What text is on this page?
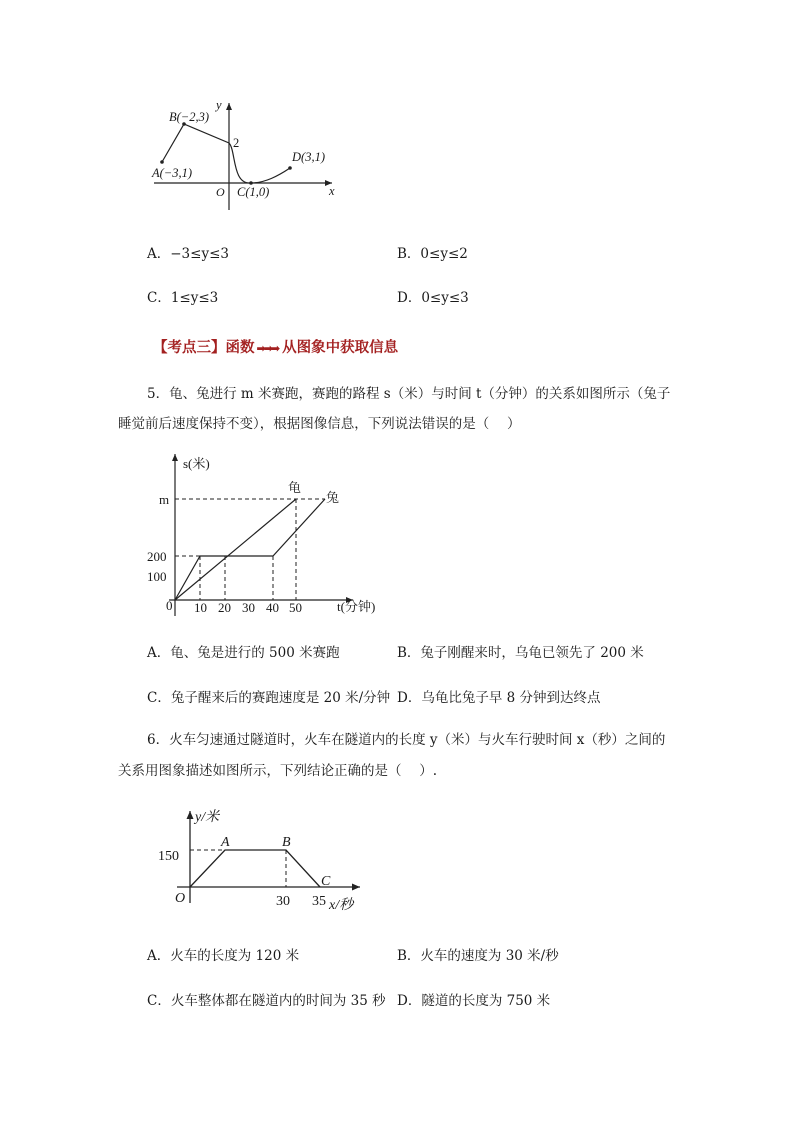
B(−2,3)
A(−3,1)
D(3,1)
C(1,0)
O
2
x
y
A．−3≤y≤3	B．0≤y≤2
C．1≤y≤3	D．0≤y≤3
【考点三】函数 ➡➡➡ 从图象中获取信息
5．龟、兔进行 m 米赛跑，赛跑的路程 s（米）与时间 t（分钟）的关系如图所示（兔子
睡觉前后速度保持不变），根据图像信息，下列说法错误的是（　 ）
s(米)
t(分钟)
m
200
100
0 10 20 30 40 50
龟
兔
A．龟、兔是进行的 500 米赛跑	B．兔子刚醒来时，乌龟已领先了 200 米
C．兔子醒来后的赛跑速度是 20 米/分钟 D．乌龟比兔子早 8 分钟到达终点
6．火车匀速通过隧道时，火车在隧道内的长度 y（米）与火车行驶时间 x（秒）之间的
关系用图象描述如图所示，下列结论正确的是（　 ）.
y/米
x/秒
150
30 35
O
A	B
C
A．火车的长度为 120 米	B．火车的速度为 30 米/秒
C．火车整体都在隧道内的时间为 35 秒 D．隧道的长度为 750 米
